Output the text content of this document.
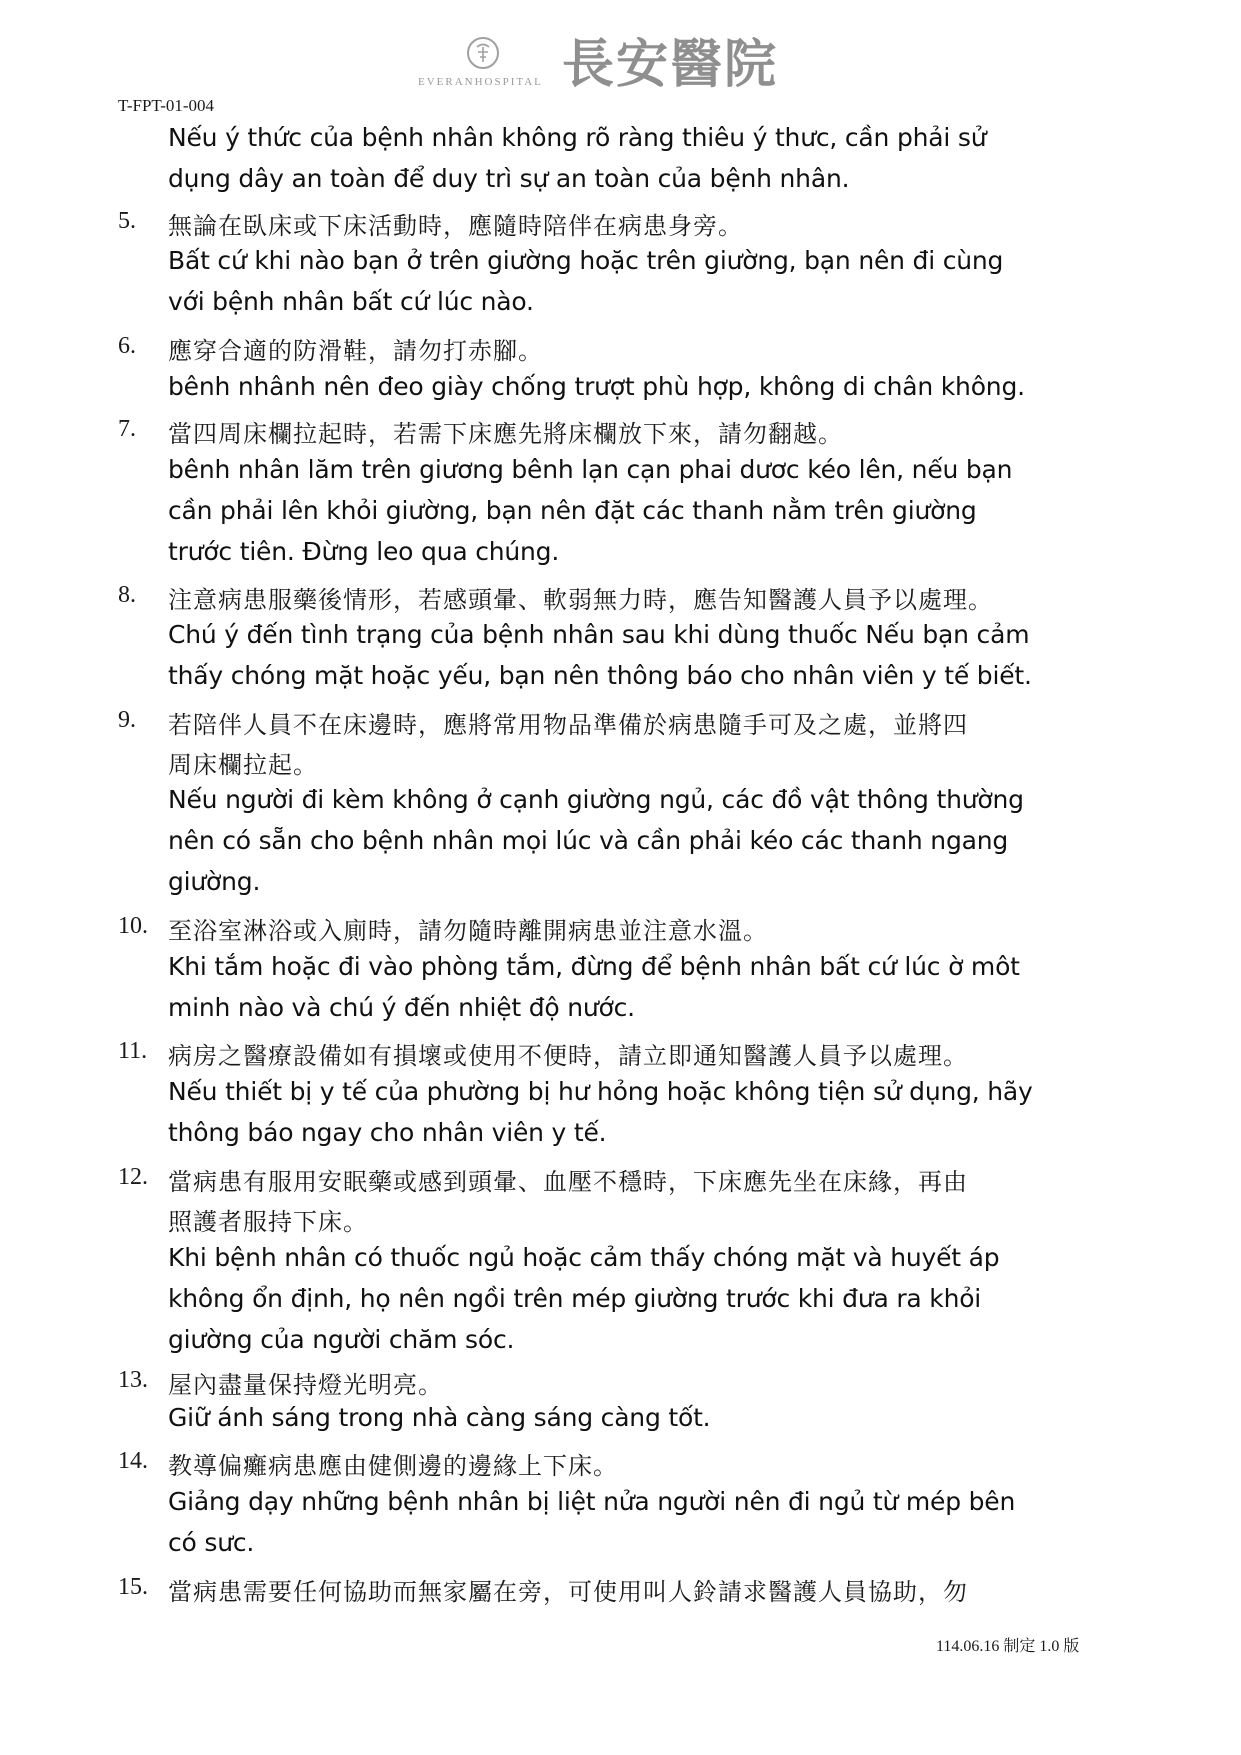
EVERANHOSPITAL 長安醫院
T-FPT-01-004
Nếu ý thức của bệnh nhân không rõ ràng thiêu ý thưc, cần phải sử
dụng dây an toàn để duy trì sự an toàn của bệnh nhân.
5. 無論在臥床或下床活動時，應隨時陪伴在病患身旁。
Bất cứ khi nào bạn ở trên giường hoặc trên giường, bạn nên đi cùng
với bệnh nhân bất cứ lúc nào.
6. 應穿合適的防滑鞋，請勿打赤腳。
bênh nhânh nên đeo giày chống trượt phù hợp, không di chân không.
7. 當四周床欄拉起時，若需下床應先將床欄放下來，請勿翻越。
bênh nhân lăm trên giương bênh lạn cạn phai dươc kéo lên, nếu bạn
cần phải lên khỏi giường, bạn nên đặt các thanh nằm trên giường
trước tiên. Đừng leo qua chúng.
8. 注意病患服藥後情形，若感頭暈、軟弱無力時，應告知醫護人員予以處理。
Chú ý đến tình trạng của bệnh nhân sau khi dùng thuốc Nếu bạn cảm
thấy chóng mặt hoặc yếu, bạn nên thông báo cho nhân viên y tế biết.
9. 若陪伴人員不在床邊時，應將常用物品準備於病患隨手可及之處，並將四
周床欄拉起。
Nếu người đi kèm không ở cạnh giường ngủ, các đồ vật thông thường
nên có sẵn cho bệnh nhân mọi lúc và cần phải kéo các thanh ngang
giường.
10. 至浴室淋浴或入廁時，請勿隨時離開病患並注意水溫。
Khi tắm hoặc đi vào phòng tắm, đừng để bệnh nhân bất cứ lúc ờ môt
minh nào và chú ý đến nhiệt độ nước.
11. 病房之醫療設備如有損壞或使用不便時，請立即通知醫護人員予以處理。
Nếu thiết bị y tế của phường bị hư hỏng hoặc không tiện sử dụng, hãy
thông báo ngay cho nhân viên y tế.
12. 當病患有服用安眠藥或感到頭暈、血壓不穩時，下床應先坐在床緣，再由
照護者服持下床。
Khi bệnh nhân có thuốc ngủ hoặc cảm thấy chóng mặt và huyết áp
không ổn định, họ nên ngồi trên mép giường trước khi đưa ra khỏi
giường của người chăm sóc.
13. 屋內盡量保持燈光明亮。
Giữ ánh sáng trong nhà càng sáng càng tốt.
14. 教導偏癱病患應由健側邊的邊緣上下床。
Giảng dạy những bệnh nhân bị liệt nửa người nên đi ngủ từ mép bên
có sưc.
15. 當病患需要任何協助而無家屬在旁，可使用叫人鈴請求醫護人員協助，勿
114.06.16 制定 1.0 版
